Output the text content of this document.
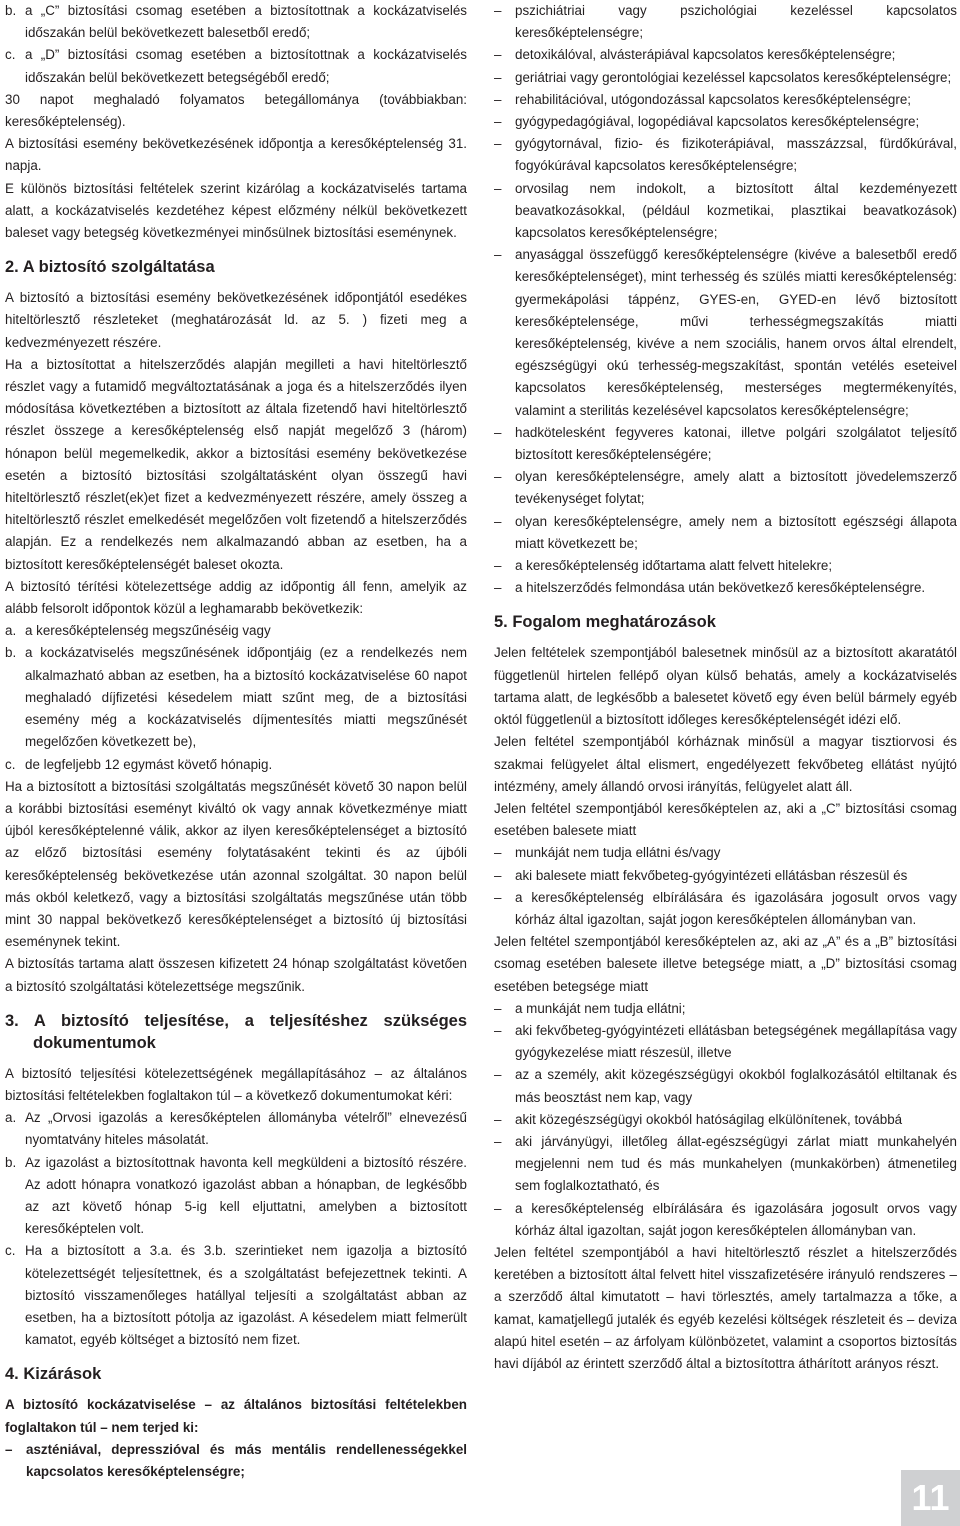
b. a „C” biztosítási csomag esetében a biztosítottnak a kockázatviselés időszakán belül bekövetkezett balesetből eredő;

c. a „D” biztosítási csomag esetében a biztosítottnak a kockázatviselés időszakán belül bekövetkezett betegségéből eredő;

30 napot meghaladó folyamatos betegállománya (továbbiakban: keresőképtelenség).

A biztosítási esemény bekövetkezésének időpontja a keresőképtelenség 31. napja.

E különös biztosítási feltételek szerint kizárólag a kockázatviselés tartama alatt, a kockázatviselés kezdetéhez képest előzmény nélkül bekövetkezett baleset vagy betegség következményei minősülnek biztosítási eseménynek.

2. A biztosító szolgáltatása

A biztosító a biztosítási esemény bekövetkezésének időpontjától esedékes hiteltörlesztő részleteket (meghatározását ld. az 5. ) fizeti meg a kedvezményezett részére.

Ha a biztosítottat a hitelszerződés alapján megilleti a havi hiteltörlesztő részlet vagy a futamidő megváltoztatásának a joga és a hitelszerződés ilyen módosítása következtében a biztosított az általa fizetendő havi hiteltörlesztő részlet összege a keresőképtelenség első napját megelőző 3 (három) hónapon belül megemelkedik, akkor a biztosítási esemény bekövetkezése esetén a biztosító biztosítási szolgáltatásként olyan összegű havi hiteltörlesztő részlet(ek)et fizet a kedvezményezett részére, amely összeg a hiteltörlesztő részlet emelkedését megelőzően volt fizetendő a hitelszerződés alapján. Ez a rendelkezés nem alkalmazandó abban az esetben, ha a biztosított keresőképtelenségét baleset okozta.

A biztosító térítési kötelezettsége addig az időpontig áll fenn, amelyik az alább felsorolt időpontok közül a leghamarabb bekövetkezik:

a. a keresőképtelenség megszűnéséig vagy

b. a kockázatviselés megszűnésének időpontjáig (ez a rendelkezés nem alkalmazható abban az esetben, ha a biztosító kockázatviselése 60 napot meghaladó díjfizetési késedelem miatt szűnt meg, de a biztosítási esemény még a kockázatviselés díjmentesítés miatti megszűnését megelőzően következett be),

c. de legfeljebb 12 egymást követő hónapig.

Ha a biztosított a biztosítási szolgáltatás megszűnését követő 30 napon belül a korábbi biztosítási eseményt kiváltó ok vagy annak következménye miatt újból keresőképtelenné válik, akkor az ilyen keresőképtelenséget a biztosító az előző biztosítási esemény folytatásaként tekinti és az újbóli keresőképtelenség bekövetkezése után azonnal szolgáltat. 30 napon belül más okból keletkező, vagy a biztosítási szolgáltatás megszűnése után több mint 30 nappal bekövetkező keresőképtelenséget a biztosító új biztosítási eseménynek tekint.

A biztosítás tartama alatt összesen kifizetett 24 hónap szolgáltatást követően a biztosító szolgáltatási kötelezettsége megszűnik.

3. A biztosító teljesítése, a teljesítéshez szükséges dokumentumok

A biztosító teljesítési kötelezettségének megállapításához – az általános biztosítási feltételekben foglaltakon túl – a következő dokumentumokat kéri:

a. Az „Orvosi igazolás a keresőképtelen állományba vételről” elnevezésű nyomtatvány hiteles másolatát.

b. Az igazolást a biztosítottnak havonta kell megküldeni a biztosító részére. Az adott hónapra vonatkozó igazolást abban a hónapban, de legkésőbb az azt követő hónap 5-ig kell eljuttatni, amelyben a biztosított keresőképtelen volt.

c. Ha a biztosított a 3.a. és 3.b. szerintieket nem igazolja a biztosító kötelezettségét teljesítettnek, és a szolgáltatást befejezettnek tekinti. A biztosító visszamenőleges hatállyal teljesíti a szolgáltatást abban az esetben, ha a biztosított pótolja az igazolást. A késedelem miatt felmerült kamatot, egyéb költséget a biztosító nem fizet.

4. Kizárások

A biztosító kockázatviselése – az általános biztosítási feltételekben foglaltakon túl – nem terjed ki:

– aszténiával, depresszióval és más mentális rendellenességekkel kapcsolatos keresőképtelenségre;

– pszichiátriai vagy pszichológiai kezeléssel kapcsolatos keresőképtelenségre;

– detoxikálóval, alvásterápiával kapcsolatos keresőképtelenségre;

– geriátriai vagy gerontológiai kezeléssel kapcsolatos keresőképtelenségre;

– rehabilitációval, utógondozással kapcsolatos keresőképtelenségre;

– gyógypedagógiával, logopédiával kapcsolatos keresőképtelenségre;

– gyógytornával, fizio- és fizikoterápiával, masszázzsal, fürdőkúrával, fogyókúrával kapcsolatos keresőképtelenségre;

– orvosilag nem indokolt, a biztosított által kezdeményezett beavatkozásokkal, (például kozmetikai, plasztikai beavatkozások) kapcsolatos keresőképtelenségre;

– anyasággal összefüggő keresőképtelenségre (kivéve a balesetből eredő keresőképtelenséget), mint terhesség és szülés miatti keresőképtelenség: gyermekápolási táppénz, GYES-en, GYED-en lévő biztosított keresőképtelensége, művi terhességmegszakítás miatti keresőképtelenség, kivéve a nem szociális, hanem orvos által elrendelt, egészségügyi okú terhesség-megszakítást, spontán vetélés eseteivel kapcsolatos keresőképtelenség, mesterséges megtermékenyítés, valamint a sterilitás kezelésével kapcsolatos keresőképtelenségre;

– hadkötelesként fegyveres katonai, illetve polgári szolgálatot teljesítő biztosított keresőképtelenségére;

– olyan keresőképtelenségre, amely alatt a biztosított jövedelemszerző tevékenységet folytat;

– olyan keresőképtelenségre, amely nem a biztosított egészségi állapota miatt következett be;

– a keresőképtelenség időtartama alatt felvett hitelekre;

– a hitelszerződés felmondása után bekövetkező keresőképtelenségre.

5. Fogalom meghatározások

Jelen feltételek szempontjából balesetnek minősül az a biztosított akaratától függetlenül hirtelen fellépő olyan külső behatás, amely a kockázatviselés tartama alatt, de legkésőbb a balesetet követő egy éven belül bármely egyéb októl függetlenül a biztosított időleges keresőképtelenségét idézi elő.

Jelen feltétel szempontjából kórháznak minősül a magyar tisztiorvosi és szakmai felügyelet által elismert, engedélyezett fekvőbeteg ellátást nyújtó intézmény, amely állandó orvosi irányítás, felügyelet alatt áll.

Jelen feltétel szempontjából keresőképtelen az, aki a „C” biztosítási csomag esetében balesete miatt

– munkáját nem tudja ellátni és/vagy

– aki balesete miatt fekvőbeteg-gyógyintézeti ellátásban részesül és

– a keresőképtelenség elbírálására és igazolására jogosult orvos vagy kórház által igazoltan, saját jogon keresőképtelen állományban van.

Jelen feltétel szempontjából keresőképtelen az, aki az „A” és a „B” biztosítási csomag esetében balesete illetve betegsége miatt, a „D” biztosítási csomag esetében betegsége miatt

– a munkáját nem tudja ellátni;

– aki fekvőbeteg-gyógyintézeti ellátásban betegségének megállapítása vagy gyógykezelése miatt részesül, illetve

– az a személy, akit közegészségügyi okokból foglalkozásától eltiltanak és más beosztást nem kap, vagy

– akit közegészségügyi okokból hatóságilag elkülönítenek, továbbá

– aki járványügyi, illetőleg állat-egészségügyi zárlat miatt munkahelyén megjelenni nem tud és más munkahelyen (munkakörben) átmenetileg sem foglalkoztatható, és

– a keresőképtelenség elbírálására és igazolására jogosult orvos vagy kórház által igazoltan, saját jogon keresőképtelen állományban van.

Jelen feltétel szempontjából a havi hiteltörlesztő részlet a hitelszerződés keretében a biztosított által felvett hitel visszafizetésére irányuló rendszeres – a szerződő által kimutatott – havi törlesztés, amely tartalmazza a tőke, a kamat, kamatjellegű jutalék és egyéb kezelési költségek részleteit és – deviza alapú hitel esetén – az árfolyam különbözetet, valamint a csoportos biztosítás havi díjából az érintett szerződő által a biztosítottra áthárított arányos részt.

11
